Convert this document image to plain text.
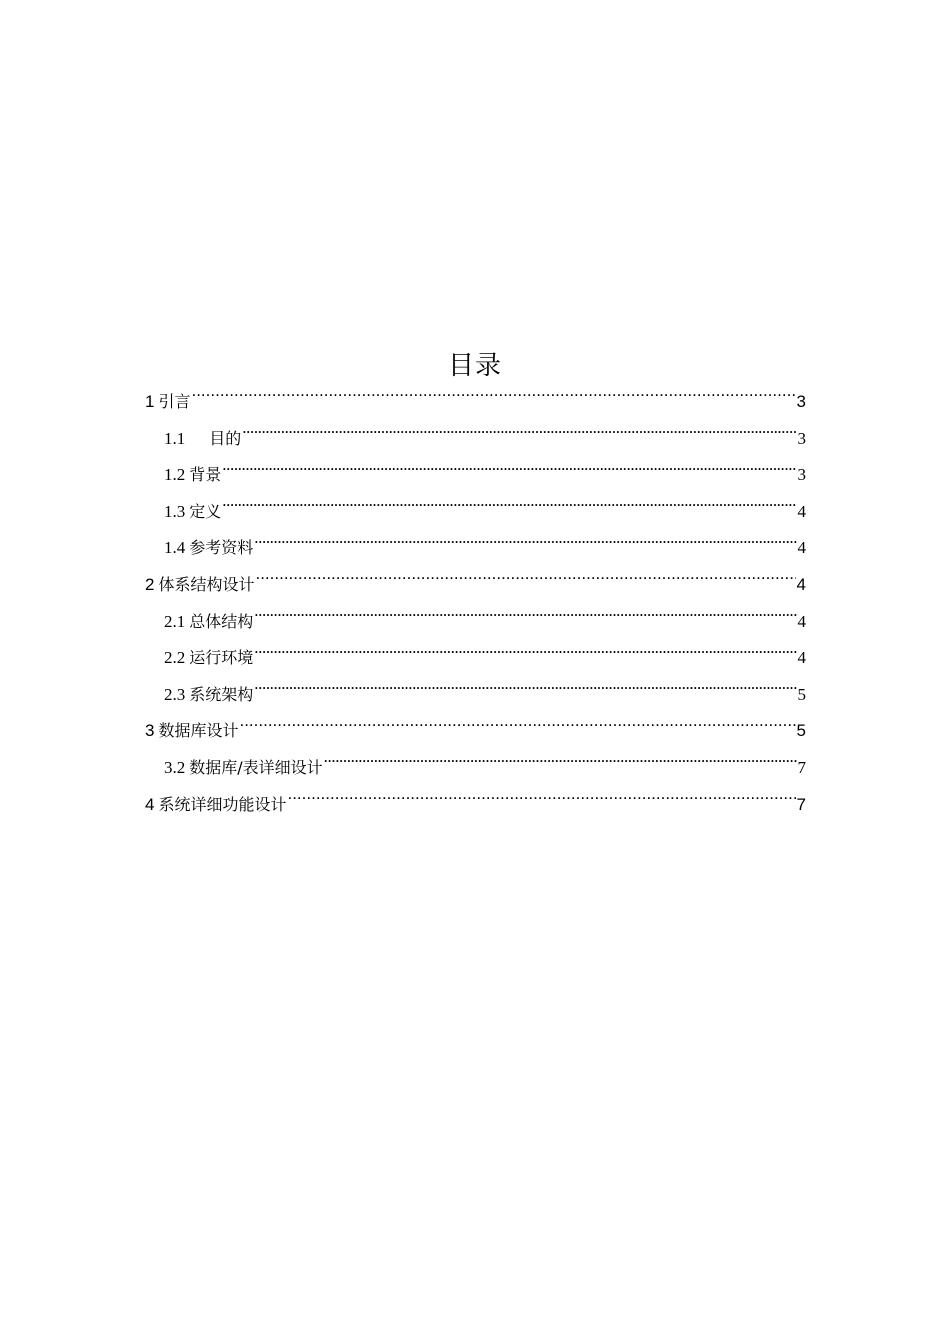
目录
1 引言 .....	3
1.1 目的 .....	3
1.2 背景 .....	3
1.3 定义 .....	4
1.4 参考资料 .....	4
2 体系结构设计 .....	4
2.1 总体结构 .....	4
2.2 运行环境 .....	4
2.3 系统架构 .....	5
3 数据库设计 .....	5
3.2 数据库/表详细设计 .....	7
4 系统详细功能设计 .....	7
